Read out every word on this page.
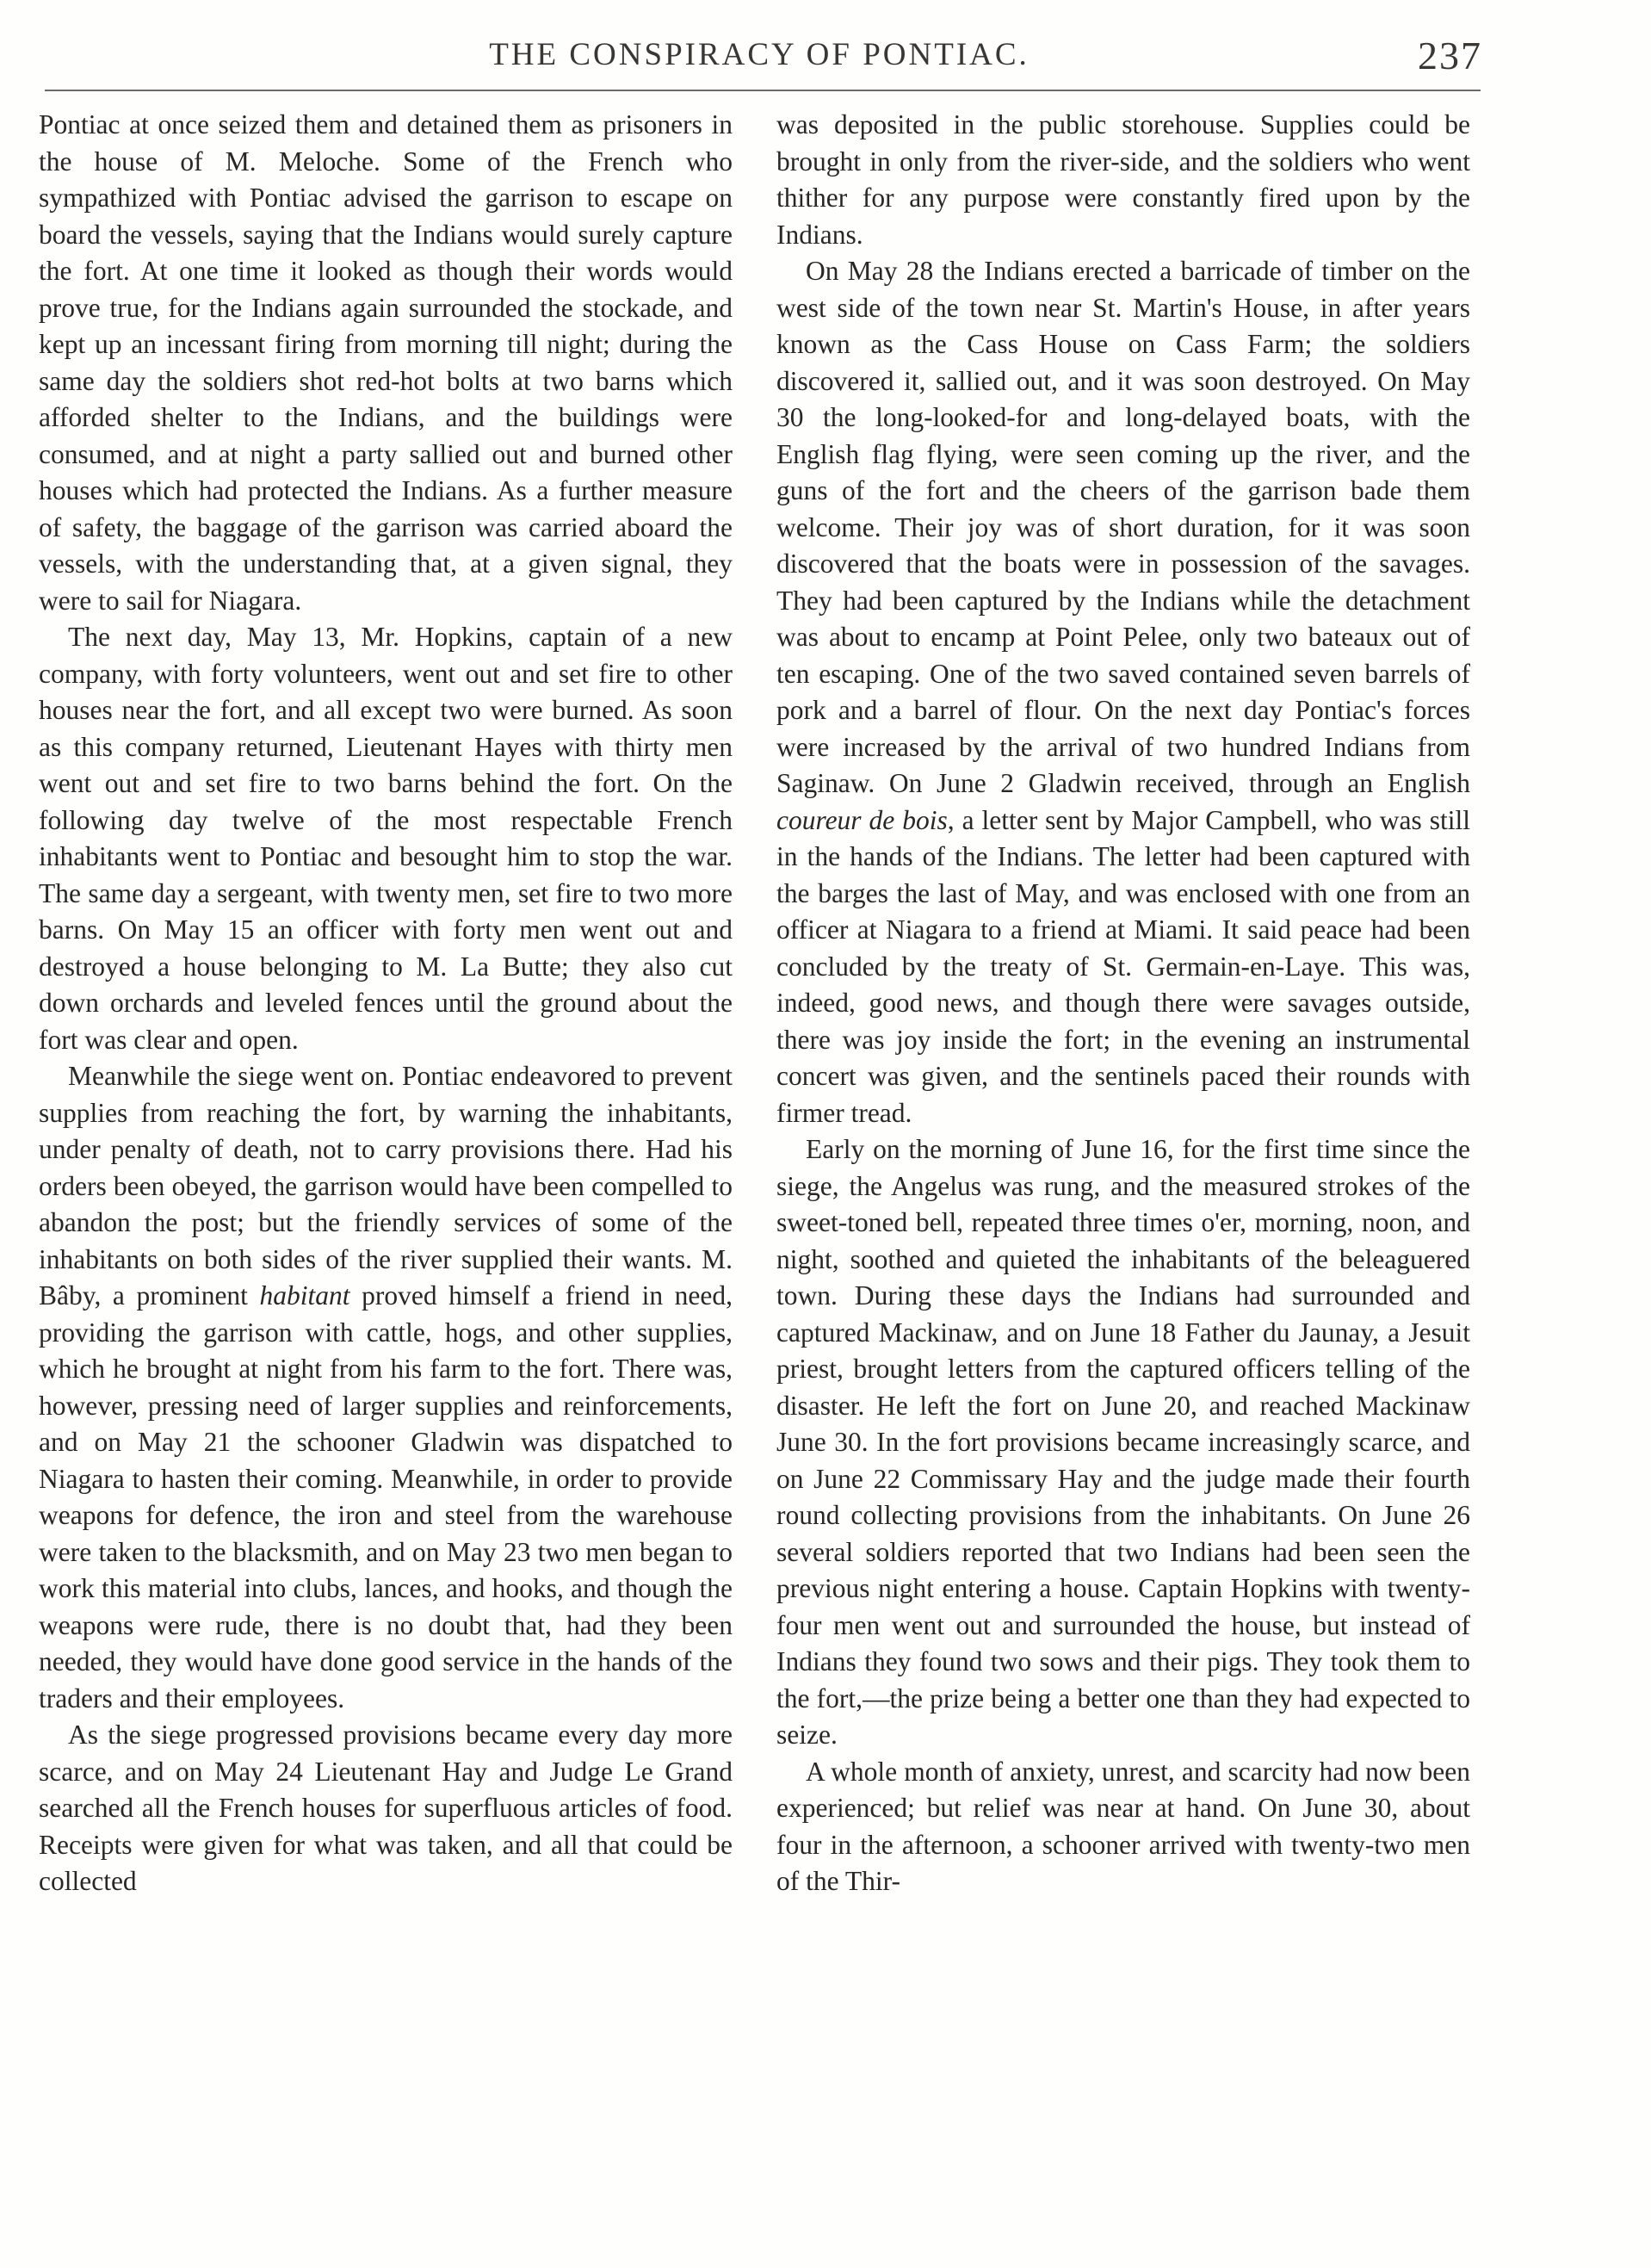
THE CONSPIRACY OF PONTIAC.	237

Pontiac at once seized them and detained them as prisoners in the house of M. Meloche. Some of the French who sympathized with Pontiac advised the garrison to escape on board the vessels, saying that the Indians would surely capture the fort. At one time it looked as though their words would prove true, for the Indians again surrounded the stockade, and kept up an incessant firing from morning till night; during the same day the soldiers shot red-hot bolts at two barns which afforded shelter to the Indians, and the buildings were consumed, and at night a party sallied out and burned other houses which had protected the Indians. As a further measure of safety, the baggage of the garrison was carried aboard the vessels, with the understanding that, at a given signal, they were to sail for Niagara.

The next day, May 13, Mr. Hopkins, captain of a new company, with forty volunteers, went out and set fire to other houses near the fort, and all except two were burned. As soon as this company returned, Lieutenant Hayes with thirty men went out and set fire to two barns behind the fort. On the following day twelve of the most respectable French inhabitants went to Pontiac and besought him to stop the war. The same day a sergeant, with twenty men, set fire to two more barns. On May 15 an officer with forty men went out and destroyed a house belonging to M. La Butte; they also cut down orchards and leveled fences until the ground about the fort was clear and open.

Meanwhile the siege went on. Pontiac endeavored to prevent supplies from reaching the fort, by warning the inhabitants, under penalty of death, not to carry provisions there. Had his orders been obeyed, the garrison would have been compelled to abandon the post; but the friendly services of some of the inhabitants on both sides of the river supplied their wants. M. Bâby, a prominent habitant proved himself a friend in need, providing the garrison with cattle, hogs, and other supplies, which he brought at night from his farm to the fort. There was, however, pressing need of larger supplies and reinforcements, and on May 21 the schooner Gladwin was dispatched to Niagara to hasten their coming. Meanwhile, in order to provide weapons for defence, the iron and steel from the warehouse were taken to the blacksmith, and on May 23 two men began to work this material into clubs, lances, and hooks, and though the weapons were rude, there is no doubt that, had they been needed, they would have done good service in the hands of the traders and their employees.

As the siege progressed provisions became every day more scarce, and on May 24 Lieutenant Hay and Judge Le Grand searched all the French houses for superfluous articles of food. Receipts were given for what was taken, and all that could be collected

was deposited in the public storehouse. Supplies could be brought in only from the river-side, and the soldiers who went thither for any purpose were constantly fired upon by the Indians.

On May 28 the Indians erected a barricade of timber on the west side of the town near St. Martin's House, in after years known as the Cass House on Cass Farm; the soldiers discovered it, sallied out, and it was soon destroyed. On May 30 the long-looked-for and long-delayed boats, with the English flag flying, were seen coming up the river, and the guns of the fort and the cheers of the garrison bade them welcome. Their joy was of short duration, for it was soon discovered that the boats were in possession of the savages. They had been captured by the Indians while the detachment was about to encamp at Point Pelee, only two bateaux out of ten escaping. One of the two saved contained seven barrels of pork and a barrel of flour. On the next day Pontiac's forces were increased by the arrival of two hundred Indians from Saginaw. On June 2 Gladwin received, through an English coureur de bois, a letter sent by Major Campbell, who was still in the hands of the Indians. The letter had been captured with the barges the last of May, and was enclosed with one from an officer at Niagara to a friend at Miami. It said peace had been concluded by the treaty of St. Germain-en-Laye. This was, indeed, good news, and though there were savages outside, there was joy inside the fort; in the evening an instrumental concert was given, and the sentinels paced their rounds with firmer tread.

Early on the morning of June 16, for the first time since the siege, the Angelus was rung, and the measured strokes of the sweet-toned bell, repeated three times o'er, morning, noon, and night, soothed and quieted the inhabitants of the beleaguered town. During these days the Indians had surrounded and captured Mackinaw, and on June 18 Father du Jaunay, a Jesuit priest, brought letters from the captured officers telling of the disaster. He left the fort on June 20, and reached Mackinaw June 30. In the fort provisions became increasingly scarce, and on June 22 Commissary Hay and the judge made their fourth round collecting provisions from the inhabitants. On June 26 several soldiers reported that two Indians had been seen the previous night entering a house. Captain Hopkins with twenty-four men went out and surrounded the house, but instead of Indians they found two sows and their pigs. They took them to the fort,—the prize being a better one than they had expected to seize.

A whole month of anxiety, unrest, and scarcity had now been experienced; but relief was near at hand. On June 30, about four in the afternoon, a schooner arrived with twenty-two men of the Thir-
